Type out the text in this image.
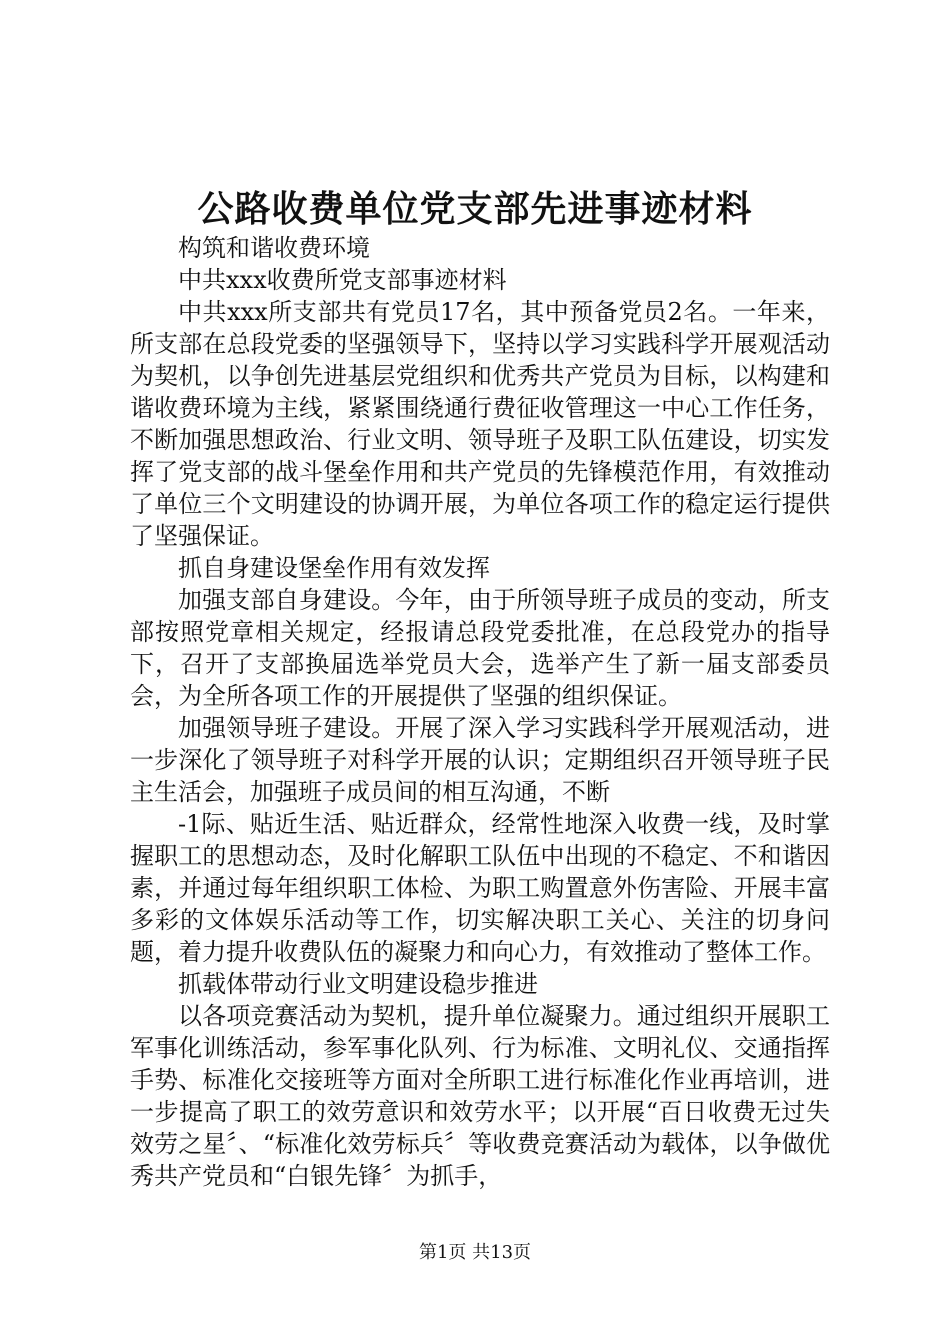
公路收费单位党支部先进事迹材料

构筑和谐收费环境

中共xxx收费所党支部事迹材料

中共xxx所支部共有党员17名，其中预备党员2名。一年来，所支部在总段党委的坚强领导下，坚持以学习实践科学开展观活动为契机，以争创先进基层党组织和优秀共产党员为目标，以构建和谐收费环境为主线，紧紧围绕通行费征收管理这一中心工作任务，不断加强思想政治、行业文明、领导班子及职工队伍建设，切实发挥了党支部的战斗堡垒作用和共产党员的先锋模范作用，有效推动了单位三个文明建设的协调开展，为单位各项工作的稳定运行提供了坚强保证。

抓自身建设堡垒作用有效发挥

加强支部自身建设。今年，由于所领导班子成员的变动，所支部按照党章相关规定，经报请总段党委批准，在总段党办的指导下，召开了支部换届选举党员大会，选举产生了新一届支部委员会，为全所各项工作的开展提供了坚强的组织保证。

加强领导班子建设。开展了深入学习实践科学开展观活动，进一步深化了领导班子对科学开展的认识；定期组织召开领导班子民主生活会，加强班子成员间的相互沟通，不断

-1际、贴近生活、贴近群众，经常性地深入收费一线，及时掌握职工的思想动态，及时化解职工队伍中出现的不稳定、不和谐因素，并通过每年组织职工体检、为职工购置意外伤害险、开展丰富多彩的文体娱乐活动等工作，切实解决职工关心、关注的切身问题，着力提升收费队伍的凝聚力和向心力，有效推动了整体工作。

抓载体带动行业文明建设稳步推进

以各项竞赛活动为契机，提升单位凝聚力。通过组织开展职工军事化训练活动，参军事化队列、行为标准、文明礼仪、交通指挥手势、标准化交接班等方面对全所职工进行标准化作业再培训，进一步提高了职工的效劳意识和效劳水平；以开展“百日收费无过失效劳之星〞、“标准化效劳标兵〞等收费竞赛活动为载体，以争做优秀共产党员和“白银先锋〞为抓手，

第1页 共13页
